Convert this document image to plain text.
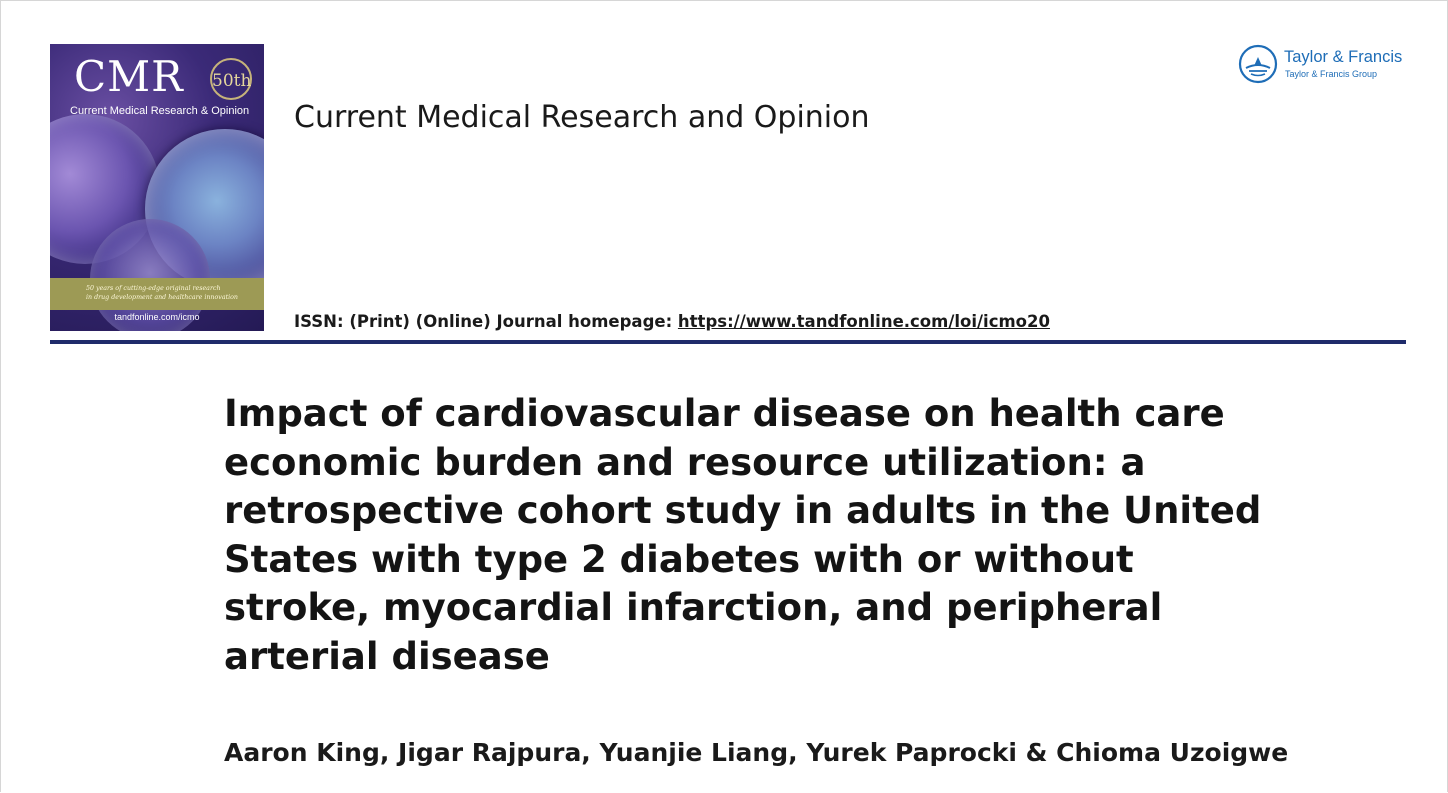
CMR 50th
Current Medical Research & Opinion
50 years of cutting-edge original research
in drug development and healthcare innovation
tandfonline.com/icmo
Current Medical Research and Opinion
Taylor & Francis
Taylor & Francis Group
ISSN: (Print) (Online) Journal homepage: https://www.tandfonline.com/loi/icmo20
Impact of cardiovascular disease on health care economic burden and resource utilization: a retrospective cohort study in adults in the United States with type 2 diabetes with or without stroke, myocardial infarction, and peripheral arterial disease
Aaron King, Jigar Rajpura, Yuanjie Liang, Yurek Paprocki & Chioma Uzoigwe
